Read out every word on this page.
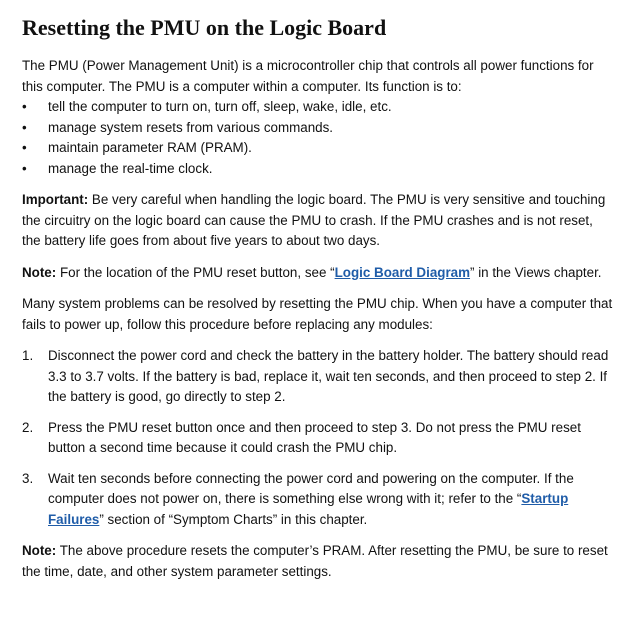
Resetting the PMU on the Logic Board

The PMU (Power Management Unit) is a microcontroller chip that controls all power functions for this computer. The PMU is a computer within a computer. Its function is to:

• tell the computer to turn on, turn off, sleep, wake, idle, etc.
• manage system resets from various commands.
• maintain parameter RAM (PRAM).
• manage the real-time clock.

Important: Be very careful when handling the logic board. The PMU is very sensitive and touching the circuitry on the logic board can cause the PMU to crash. If the PMU crashes and is not reset, the battery life goes from about five years to about two days.

Note: For the location of the PMU reset button, see “Logic Board Diagram” in the Views chapter.

Many system problems can be resolved by resetting the PMU chip. When you have a computer that fails to power up, follow this procedure before replacing any modules:

1. Disconnect the power cord and check the battery in the battery holder. The battery should read 3.3 to 3.7 volts. If the battery is bad, replace it, wait ten seconds, and then proceed to step 2. If the battery is good, go directly to step 2.
2. Press the PMU reset button once and then proceed to step 3. Do not press the PMU reset button a second time because it could crash the PMU chip.
3. Wait ten seconds before connecting the power cord and powering on the computer. If the computer does not power on, there is something else wrong with it; refer to the “Startup Failures” section of “Symptom Charts” in this chapter.

Note: The above procedure resets the computer’s PRAM. After resetting the PMU, be sure to reset the time, date, and other system parameter settings.
